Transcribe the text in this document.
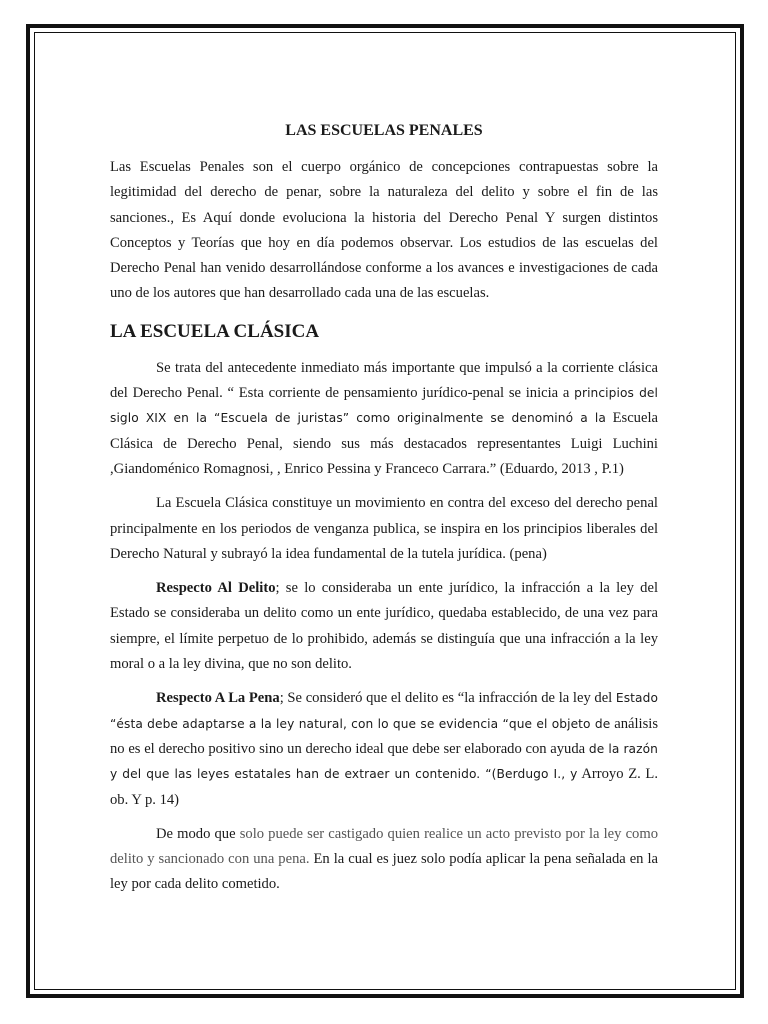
LAS ESCUELAS PENALES

Las Escuelas Penales son el cuerpo orgánico de concepciones contrapuestas sobre la legitimidad del derecho de penar, sobre la naturaleza del delito y sobre el fin de las sanciones., Es Aquí donde evoluciona la historia del Derecho Penal Y surgen distintos Conceptos y Teorías que hoy en día podemos observar. Los estudios de las escuelas del Derecho Penal han venido desarrollándose conforme a los avances e investigaciones de cada uno de los autores que han desarrollado cada una de las escuelas.

LA ESCUELA CLÁSICA

Se trata del antecedente inmediato más importante que impulsó a la corriente clásica del Derecho Penal. “ Esta corriente de pensamiento jurídico-penal se inicia a principios del siglo XIX en la “Escuela de juristas” como originalmente se denominó a la Escuela Clásica de Derecho Penal, siendo sus más destacados representantes Luigi Luchini ,Giandoménico Romagnosi, , Enrico Pessina y Franceco Carrara.” (Eduardo, 2013 , P.1)

La Escuela Clásica constituye un movimiento en contra del exceso del derecho penal principalmente en los periodos de venganza publica, se inspira en los principios liberales del Derecho Natural y subrayó la idea fundamental de la tutela jurídica. (pena)

Respecto Al Delito; se lo consideraba un ente jurídico, la infracción a la ley del Estado se consideraba un delito como un ente jurídico, quedaba establecido, de una vez para siempre, el límite perpetuo de lo prohibido, además se distinguía que una infracción a la ley moral o a la ley divina, que no son delito.

Respecto A La Pena; Se consideró que el delito es “la infracción de la ley del Estado “ésta debe adaptarse a la ley natural, con lo que se evidencia “que el objeto de análisis no es el derecho positivo sino un derecho ideal que debe ser elaborado con ayuda de la razón y del que las leyes estatales han de extraer un contenido. “(Berdugo I., y Arroyo Z. L. ob. Y p. 14)

De modo que solo puede ser castigado quien realice un acto previsto por la ley como delito y sancionado con una pena. En la cual es juez solo podía aplicar la pena señalada en la ley por cada delito cometido.
